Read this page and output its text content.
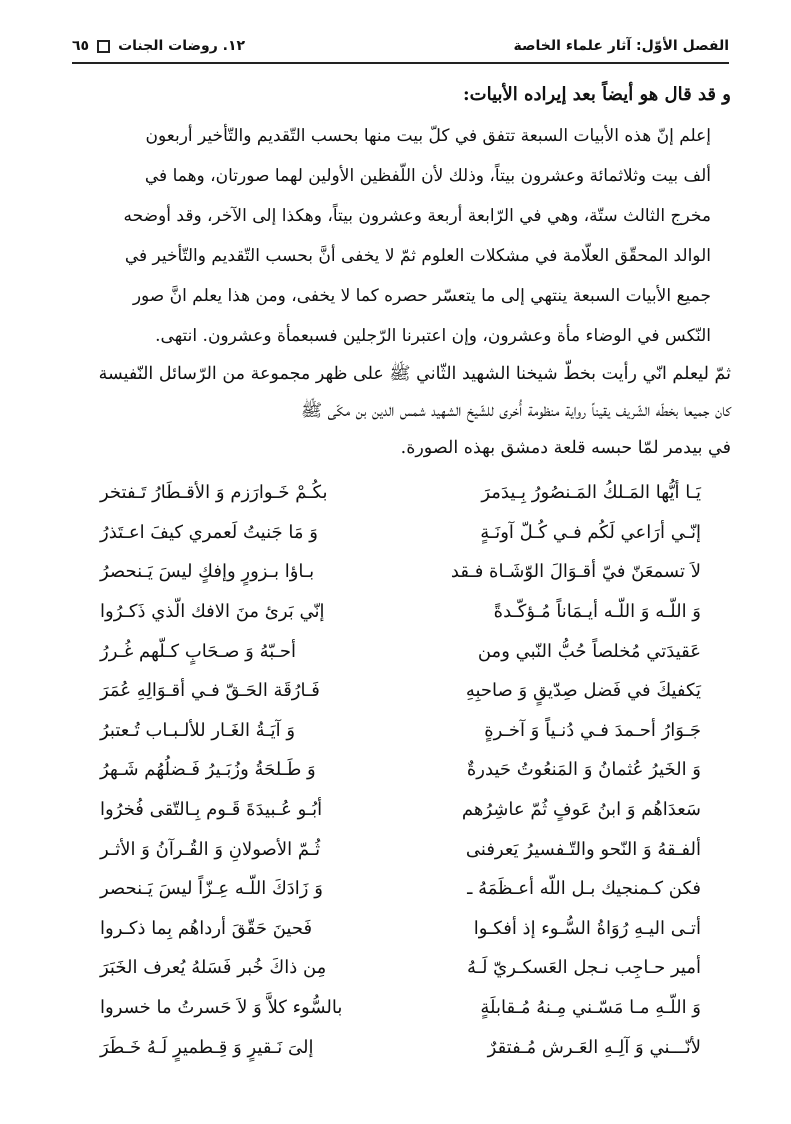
الفصل الأوّل: آثار علماء الخاصة
١٢. روضات الجنات
٦٥

و قد قال هو أيضاً بعد إيراده الأبيات:

إعلم إنّ هذه الأبيات السبعة تتفق في كلّ بيت منها بحسب التّقديم والتّأخير أربعون

ألف بيت وثلاثمائة وعشرون بيتاً، وذلك لأن اللّفظين الأولين لهما صورتان، وهما في

مخرج الثالث ستّة، وهي في الرّابعة أربعة وعشرون بيتاً، وهكذا إلى الآخر، وقد أوضحه

الوالد المحقّق العلّامة في مشكلات العلوم ثمّ لا يخفى أنَّ بحسب التّقديم والتّأخير في

جميع الأبيات السبعة ينتهي إلى ما يتعسّر حصره كما لا يخفى، ومن هذا يعلم انَّ صور

النّكس في الوضاء مأة وعشرون، وإن اعتبرنا الرّجلين فسبعمأة وعشرون. انتهى.

ثمّ ليعلم انّي رأيت بخطّ شيخنا الشهيد الثّاني ﷺ على ظهر مجموعة من الرّسائل النّفيسة

كان جميعا بخطّه الشّريف يقيناً رواية منظومة أُخرى للشّيخ الشهيد شمس الدين بن مكّى ﷺ

في بيدمر لمّا حبسه قلعة دمشق بهذه الصورة.

يَـا أيُّها المَـلكُ المَـنصُورُ بِـيدَمرَ
بكُـمْ خَـوارَزم وَ الأقـطَارُ تَـفتخر
إنّـي أرَاعي لَكُم فـي كُـلّ آونَـةٍ
وَ مَا جَنيتُ لَعمري كيفَ اعـتَذرُ
لاَ تسمعَنّ فيّ أقـوَالَ الوّشَـاة فـقد
بـاؤا بـزورٍ وإفكٍ ليسَ يَـنحصرُ
وَ اللّـه وَ اللّـه أيـمَاناً مُـؤكّـدةً
إنّي بَرئ منَ الافك الّذي ذَكـرُوا
عَقيدَتي مُخلصاً حُبُّ النّبي ومن
أحـبّهُ وَ صـحَابٍ كـلّهم غُـررُ
يَكفيكَ في فَضل صِدّيقٍ وَ صاحبِهِ
فَـارُقَة الحَـقّ فـي أقـوَالِهِ عُمَرَ
جَـوَارُ أحـمدَ فـي دُنـياً وَ آخـرةٍ
وَ آيَـةُ الغَـار للألـبـاب تُـعتبرُ
وَ الخَيرُ عُثمانُ وَ المَنعُوتُ حَيدرةٌ
وَ طَـلحَةُ وزُبَـيرُ فَـضلُهُم شَـهرُ
سَعدَاهُم وَ ابنُ عَوفٍ ثُمّ عاشِرُهم
أبُـو عُـبيدَةَ قَـوم بِـالتّقى فُخرُوا
ألفـقهُ وَ النّحو والتّـفسيرُ يَعرفنى
ثُـمّ الأصولانِ وَ القُـرآنُ وَ الأثـر
فكن كـمنجيك بـل اللّه أعـظَمَهُ ـ
وَ زَادَكَ اللّـه عِـزّاً ليسَ يَـنحصر
أتـى اليـهِ رُوَاةُ السُّـوء إذ أفكـوا
فَحينَ حَقّقَ أرداهُم بِما ذكـروا
أمير حـاجِب نـجل العَسكـريّ لَـهُ
مِن ذاكَ خُبر فَسَلهُ يُعرف الخَبَرَ
وَ اللّـهِ مـا مَسّـني مِـنهُ مُـقابلَةٍ
بالسُّوء كلاَّ وَ لاَ حَسرتُ ما خسروا
لأنّـــني وَ آلِـهِ العَـرش مُـفتقرٌ
إلىَ نَـقيرٍ وَ قِـطميرٍ لَـهُ خَـطَرَ
